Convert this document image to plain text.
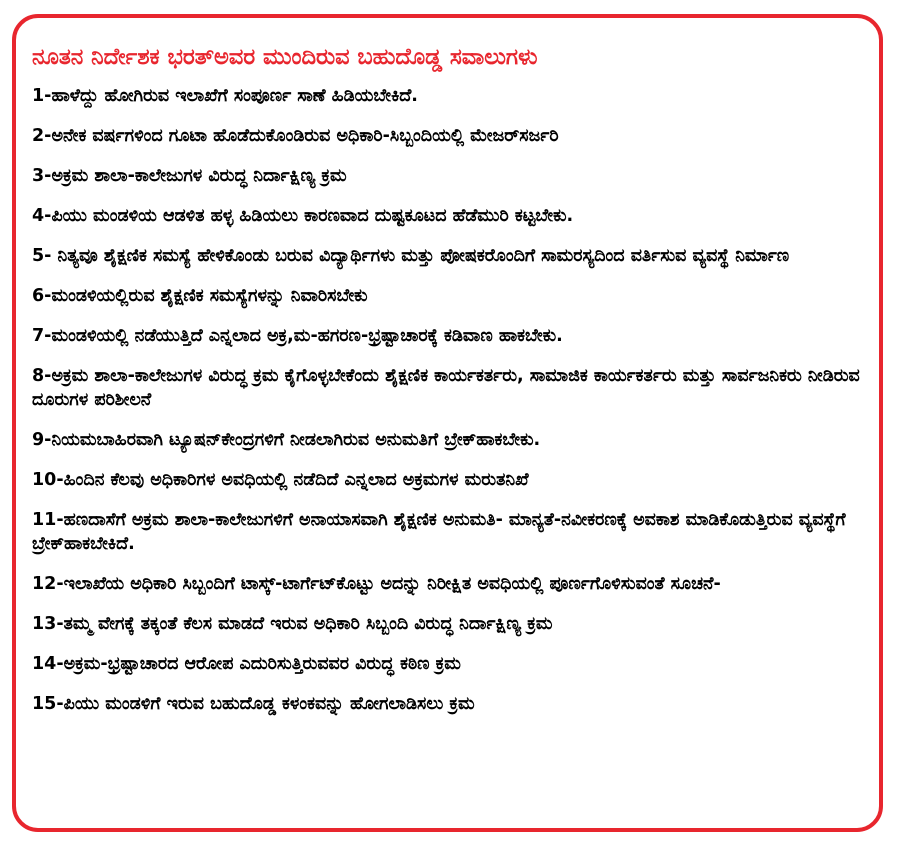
ನೂತನ ನಿರ್ದೇಶಕ ಭರತ್‌ಅವರ ಮುಂದಿರುವ ಬಹುದೊಡ್ಡ ಸವಾಲುಗಳು
1-ಹಾಳೆದ್ದು ಹೋಗಿರುವ ಇಲಾಖೆಗೆ ಸಂಪೂರ್ಣ ಸಾಣೆ ಹಿಡಿಯಬೇಕಿದೆ.
2-ಅನೇಕ ವರ್ಷಗಳಿಂದ ಗೂಟಾ ಹೊಡೆದುಕೊಂಡಿರುವ ಅಧಿಕಾರಿ-ಸಿಬ್ಬಂದಿಯಲ್ಲಿ ಮೇಜರ್‌ಸರ್ಜರಿ
3-ಅಕ್ರಮ ಶಾಲಾ-ಕಾಲೇಜುಗಳ ವಿರುದ್ಧ ನಿರ್ದಾಕ್ಷಿಣ್ಯ ಕ್ರಮ
4-ಪಿಯು ಮಂಡಳಿಯ ಆಡಳಿತ ಹಳ್ಳ ಹಿಡಿಯಲು ಕಾರಣವಾದ ದುಷ್ಟಕೂಟದ ಹೆಡೆಮುರಿ ಕಟ್ಟಬೇಕು.
5- ನಿತ್ಯವೂ ಶೈಕ್ಷಣಿಕ ಸಮಸ್ಯೆ ಹೇಳಿಕೊಂಡು ಬರುವ ವಿದ್ಯಾರ್ಥಿಗಳು ಮತ್ತು ಪೋಷಕರೊಂದಿಗೆ ಸಾಮರಸ್ಯದಿಂದ ವರ್ತಿಸುವ ವ್ಯವಸ್ಥೆ ನಿರ್ಮಾಣ
6-ಮಂಡಳಿಯಲ್ಲಿರುವ ಶೈಕ್ಷಣಿಕ ಸಮಸ್ಯೆಗಳನ್ನು ನಿವಾರಿಸಬೇಕು
7-ಮಂಡಳಿಯಲ್ಲಿ ನಡೆಯುತ್ತಿದೆ ಎನ್ನಲಾದ ಅಕ್ರ,ಮ-ಹಗರಣ-ಭ್ರಷ್ಟಾಚಾರಕ್ಕೆ ಕಡಿವಾಣ ಹಾಕಬೇಕು.
8-ಅಕ್ರಮ ಶಾಲಾ-ಕಾಲೇಜುಗಳ ವಿರುದ್ಧ ಕ್ರಮ ಕೈಗೊಳ್ಳಬೇಕೆಂದು ಶೈಕ್ಷಣಿಕ ಕಾರ್ಯಕರ್ತರು, ಸಾಮಾಜಿಕ ಕಾರ್ಯಕರ್ತರು ಮತ್ತು ಸಾರ್ವಜನಿಕರು ನೀಡಿರುವ ದೂರುಗಳ ಪರಿಶೀಲನೆ
9-ನಿಯಮಬಾಹಿರವಾಗಿ ಟ್ಯೂಷನ್‌ಕೇಂದ್ರಗಳಿಗೆ ನೀಡಲಾಗಿರುವ ಅನುಮತಿಗೆ ಬ್ರೇಕ್‌ಹಾಕಬೇಕು.
10-ಹಿಂದಿನ ಕೆಲವು ಅಧಿಕಾರಿಗಳ ಅವಧಿಯಲ್ಲಿ ನಡೆದಿದೆ ಎನ್ನಲಾದ ಅಕ್ರಮಗಳ ಮರುತನಿಖೆ
11-ಹಣದಾಸೆಗೆ ಅಕ್ರಮ ಶಾಲಾ-ಕಾಲೇಜುಗಳಿಗೆ ಅನಾಯಾಸವಾಗಿ ಶೈಕ್ಷಣಿಕ ಅನುಮತಿ- ಮಾನ್ಯತೆ-ನವೀಕರಣಕ್ಕೆ ಅವಕಾಶ ಮಾಡಿಕೊಡುತ್ತಿರುವ ವ್ಯವಸ್ಥೆಗೆ ಬ್ರೇಕ್‌ಹಾಕಬೇಕಿದೆ.
12-ಇಲಾಖೆಯ ಅಧಿಕಾರಿ ಸಿಬ್ಬಂದಿಗೆ ಟಾಸ್ಕ್-ಟಾರ್ಗೆಟ್‌ಕೊಟ್ಟು ಅದನ್ನು ನಿರೀಕ್ಷಿತ ಅವಧಿಯಲ್ಲಿ ಪೂರ್ಣಗೊಳಿಸುವಂತೆ ಸೂಚನೆ-
13-ತಮ್ಮ ವೇಗಕ್ಕೆ ತಕ್ಕಂತೆ ಕೆಲಸ ಮಾಡದೆ ಇರುವ ಅಧಿಕಾರಿ ಸಿಬ್ಬಂದಿ ವಿರುದ್ಧ ನಿರ್ದಾಕ್ಷಿಣ್ಯ ಕ್ರಮ
14-ಅಕ್ರಮ-ಭ್ರಷ್ಟಾಚಾರದ ಆರೋಪ ಎದುರಿಸುತ್ತಿರುವವರ ವಿರುದ್ಧ ಕಠಿಣ ಕ್ರಮ
15-ಪಿಯು ಮಂಡಳಿಗೆ ಇರುವ ಬಹುದೊಡ್ಡ ಕಳಂಕವನ್ನು ಹೋಗಲಾಡಿಸಲು ಕ್ರಮ
